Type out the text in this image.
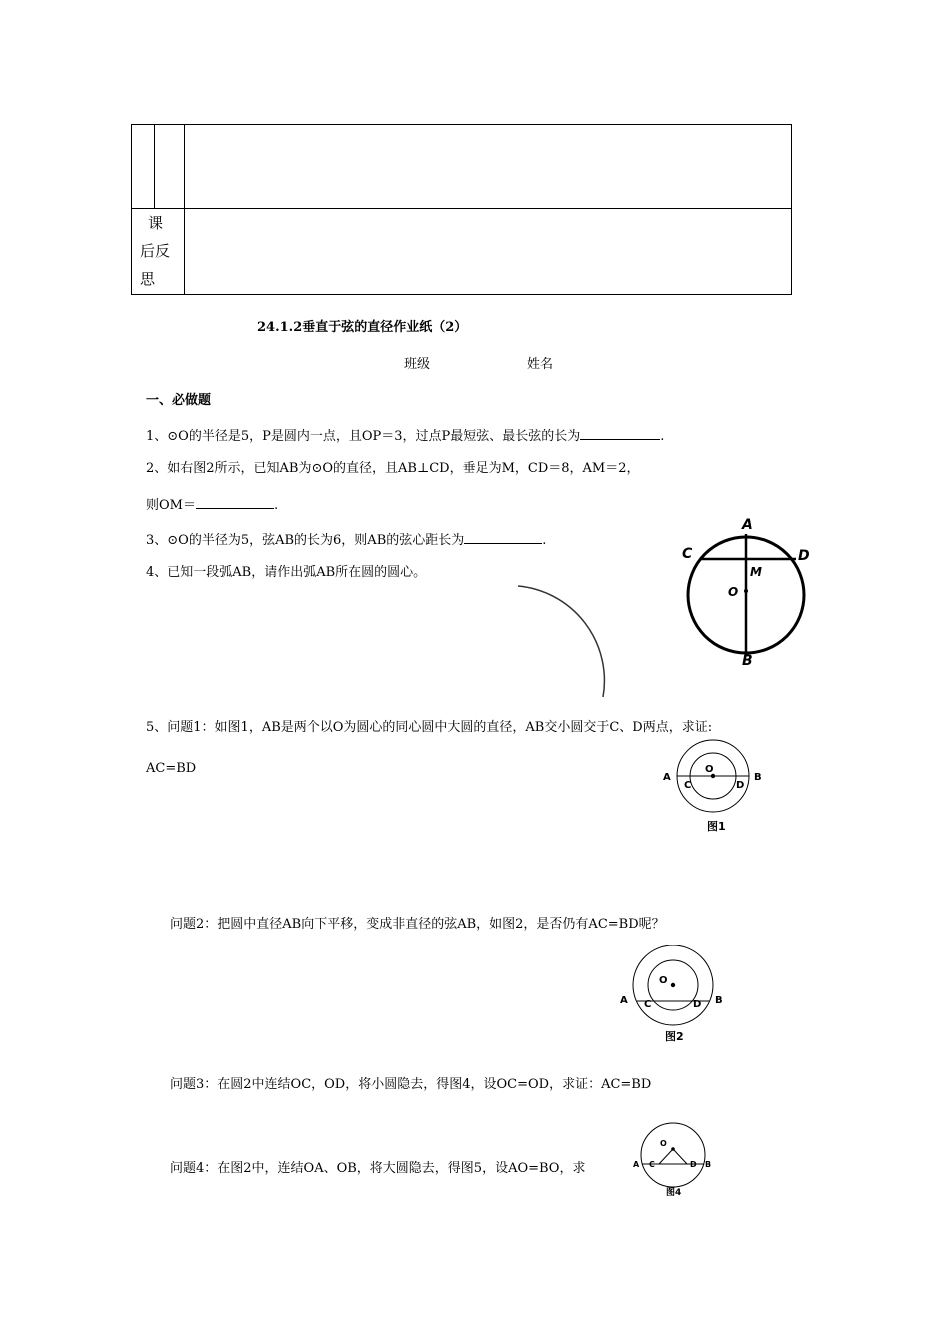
课
后反
思
24.1.2垂直于弦的直径作业纸（2）
班级	姓名
一、必做题
1、⊙O的半径是5，P是圆内一点，且OP＝3，过点P最短弦、最长弦的长为	.
2、如右图2所示，已知AB为⊙O的直径，且AB⊥CD，垂足为M，CD＝8，AM＝2，
则OM＝	.
3、⊙O的半径为5，弦AB的长为6，则AB的弦心距长为	.
4、已知一段弧AB，请作出弧AB所在圆的圆心。
A
B
C	D
M
O
5、问题1：如图1，AB是两个以O为圆心的同心圆中大圆的直径，AB交小圆交于C、D两点，求证:
AC=BD
A	B
C	D
O
图1
问题2：把圆中直径AB向下平移，变成非直径的弦AB，如图2，是否仍有AC=BD呢？
A	B
C	D
O
图2
问题3：在圆2中连结OC，OD，将小圆隐去，得图4，设OC=OD，求证：AC=BD
问题4：在图2中，连结OA、OB，将大圆隐去，得图5，设AO=BO，求	A	B
C	D
O
图4
